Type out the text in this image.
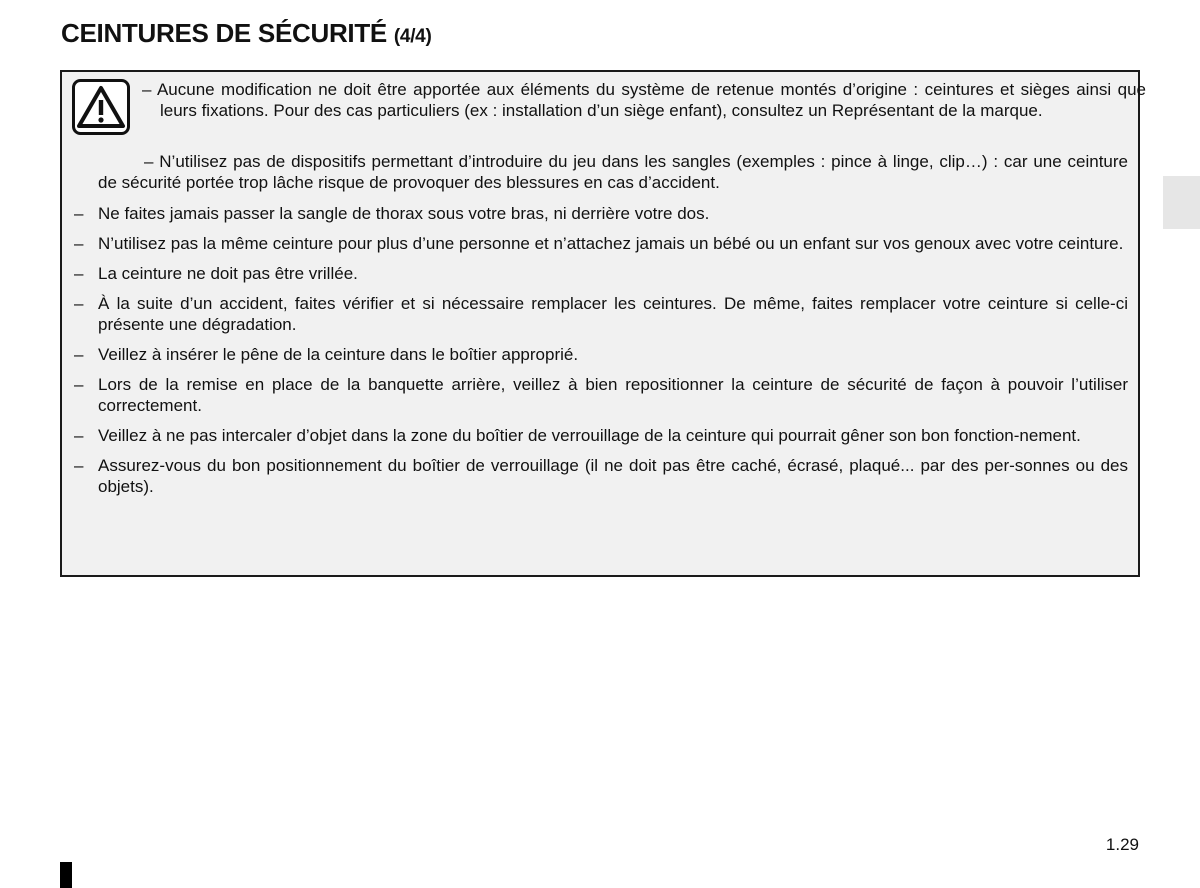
CEINTURES DE SÉCURITÉ (4/4)
– Aucune modification ne doit être apportée aux éléments du système de retenue montés d’origine : ceintures et sièges ainsi que leurs fixations. Pour des cas particuliers (ex : installation d’un siège enfant), consultez un Représentant de la marque.
– N’utilisez pas de dispositifs permettant d’introduire du jeu dans les sangles (exemples : pince à linge, clip…) : car une ceinture de sécurité portée trop lâche risque de provoquer des blessures en cas d’accident.
– Ne faites jamais passer la sangle de thorax sous votre bras, ni derrière votre dos.
– N’utilisez pas la même ceinture pour plus d’une personne et n’attachez jamais un bébé ou un enfant sur vos genoux avec votre ceinture.
– La ceinture ne doit pas être vrillée.
– À la suite d’un accident, faites vérifier et si nécessaire remplacer les ceintures. De même, faites remplacer votre ceinture si celle-ci présente une dégradation.
– Veillez à insérer le pêne de la ceinture dans le boîtier approprié.
– Lors de la remise en place de la banquette arrière, veillez à bien repositionner la ceinture de sécurité de façon à pouvoir l’utiliser correctement.
– Veillez à ne pas intercaler d’objet dans la zone du boîtier de verrouillage de la ceinture qui pourrait gêner son bon fonction-nement.
– Assurez-vous du bon positionnement du boîtier de verrouillage (il ne doit pas être caché, écrasé, plaqué... par des per-sonnes ou des objets).
1.29
